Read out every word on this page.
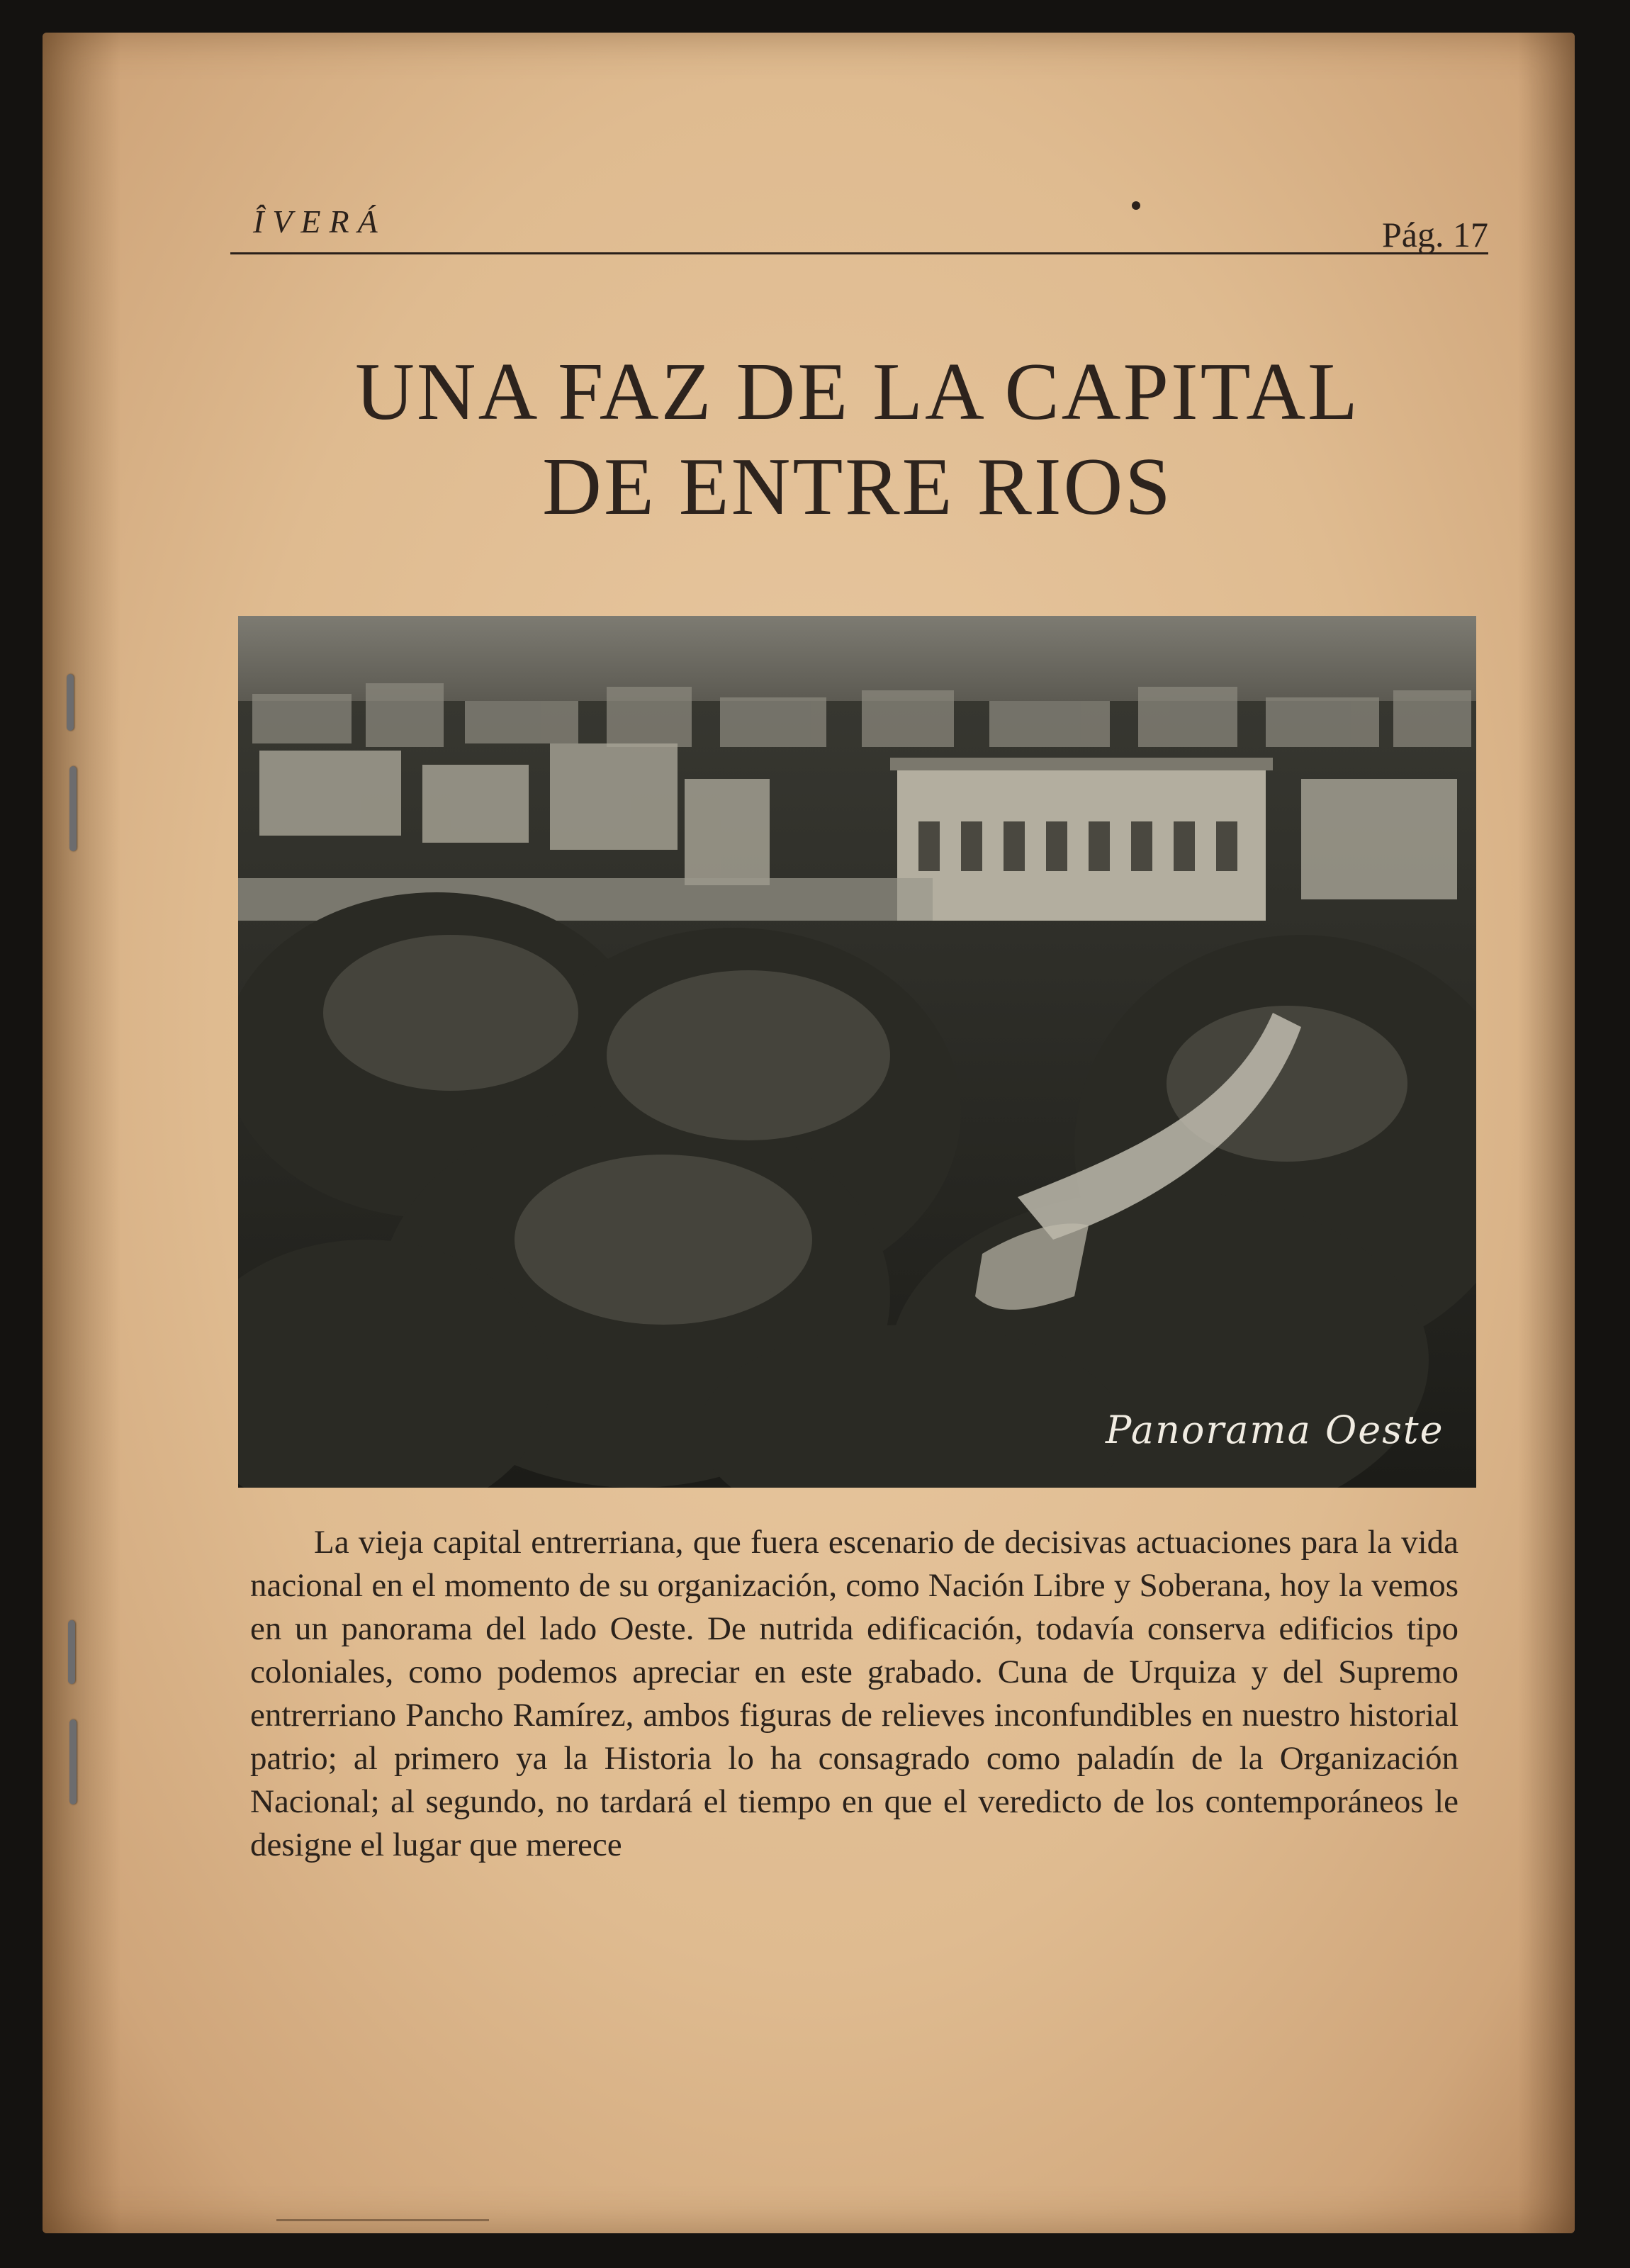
ÎVERÁ	Pág. 17
UNA FAZ DE LA CAPITAL
DE ENTRE RIOS
Panorama Oeste

La vieja capital entrerriana, que fuera escenario de decisivas actuaciones para la vida nacional en el momento de su organización, como Nación Libre y Soberana, hoy la vemos en un panorama del lado Oeste. De nutrida edificación, todavía conserva edificios tipo coloniales, como podemos apreciar en este grabado. Cuna de Urquiza y del Supremo entrerriano Pancho Ramírez, ambos figuras de relieves inconfundibles en nuestro historial patrio; al primero ya la Historia lo ha consagrado como paladín de la Organización Nacional; al segundo, no tardará el tiempo en que el veredicto de los contemporáneos le designe el lugar que merece
